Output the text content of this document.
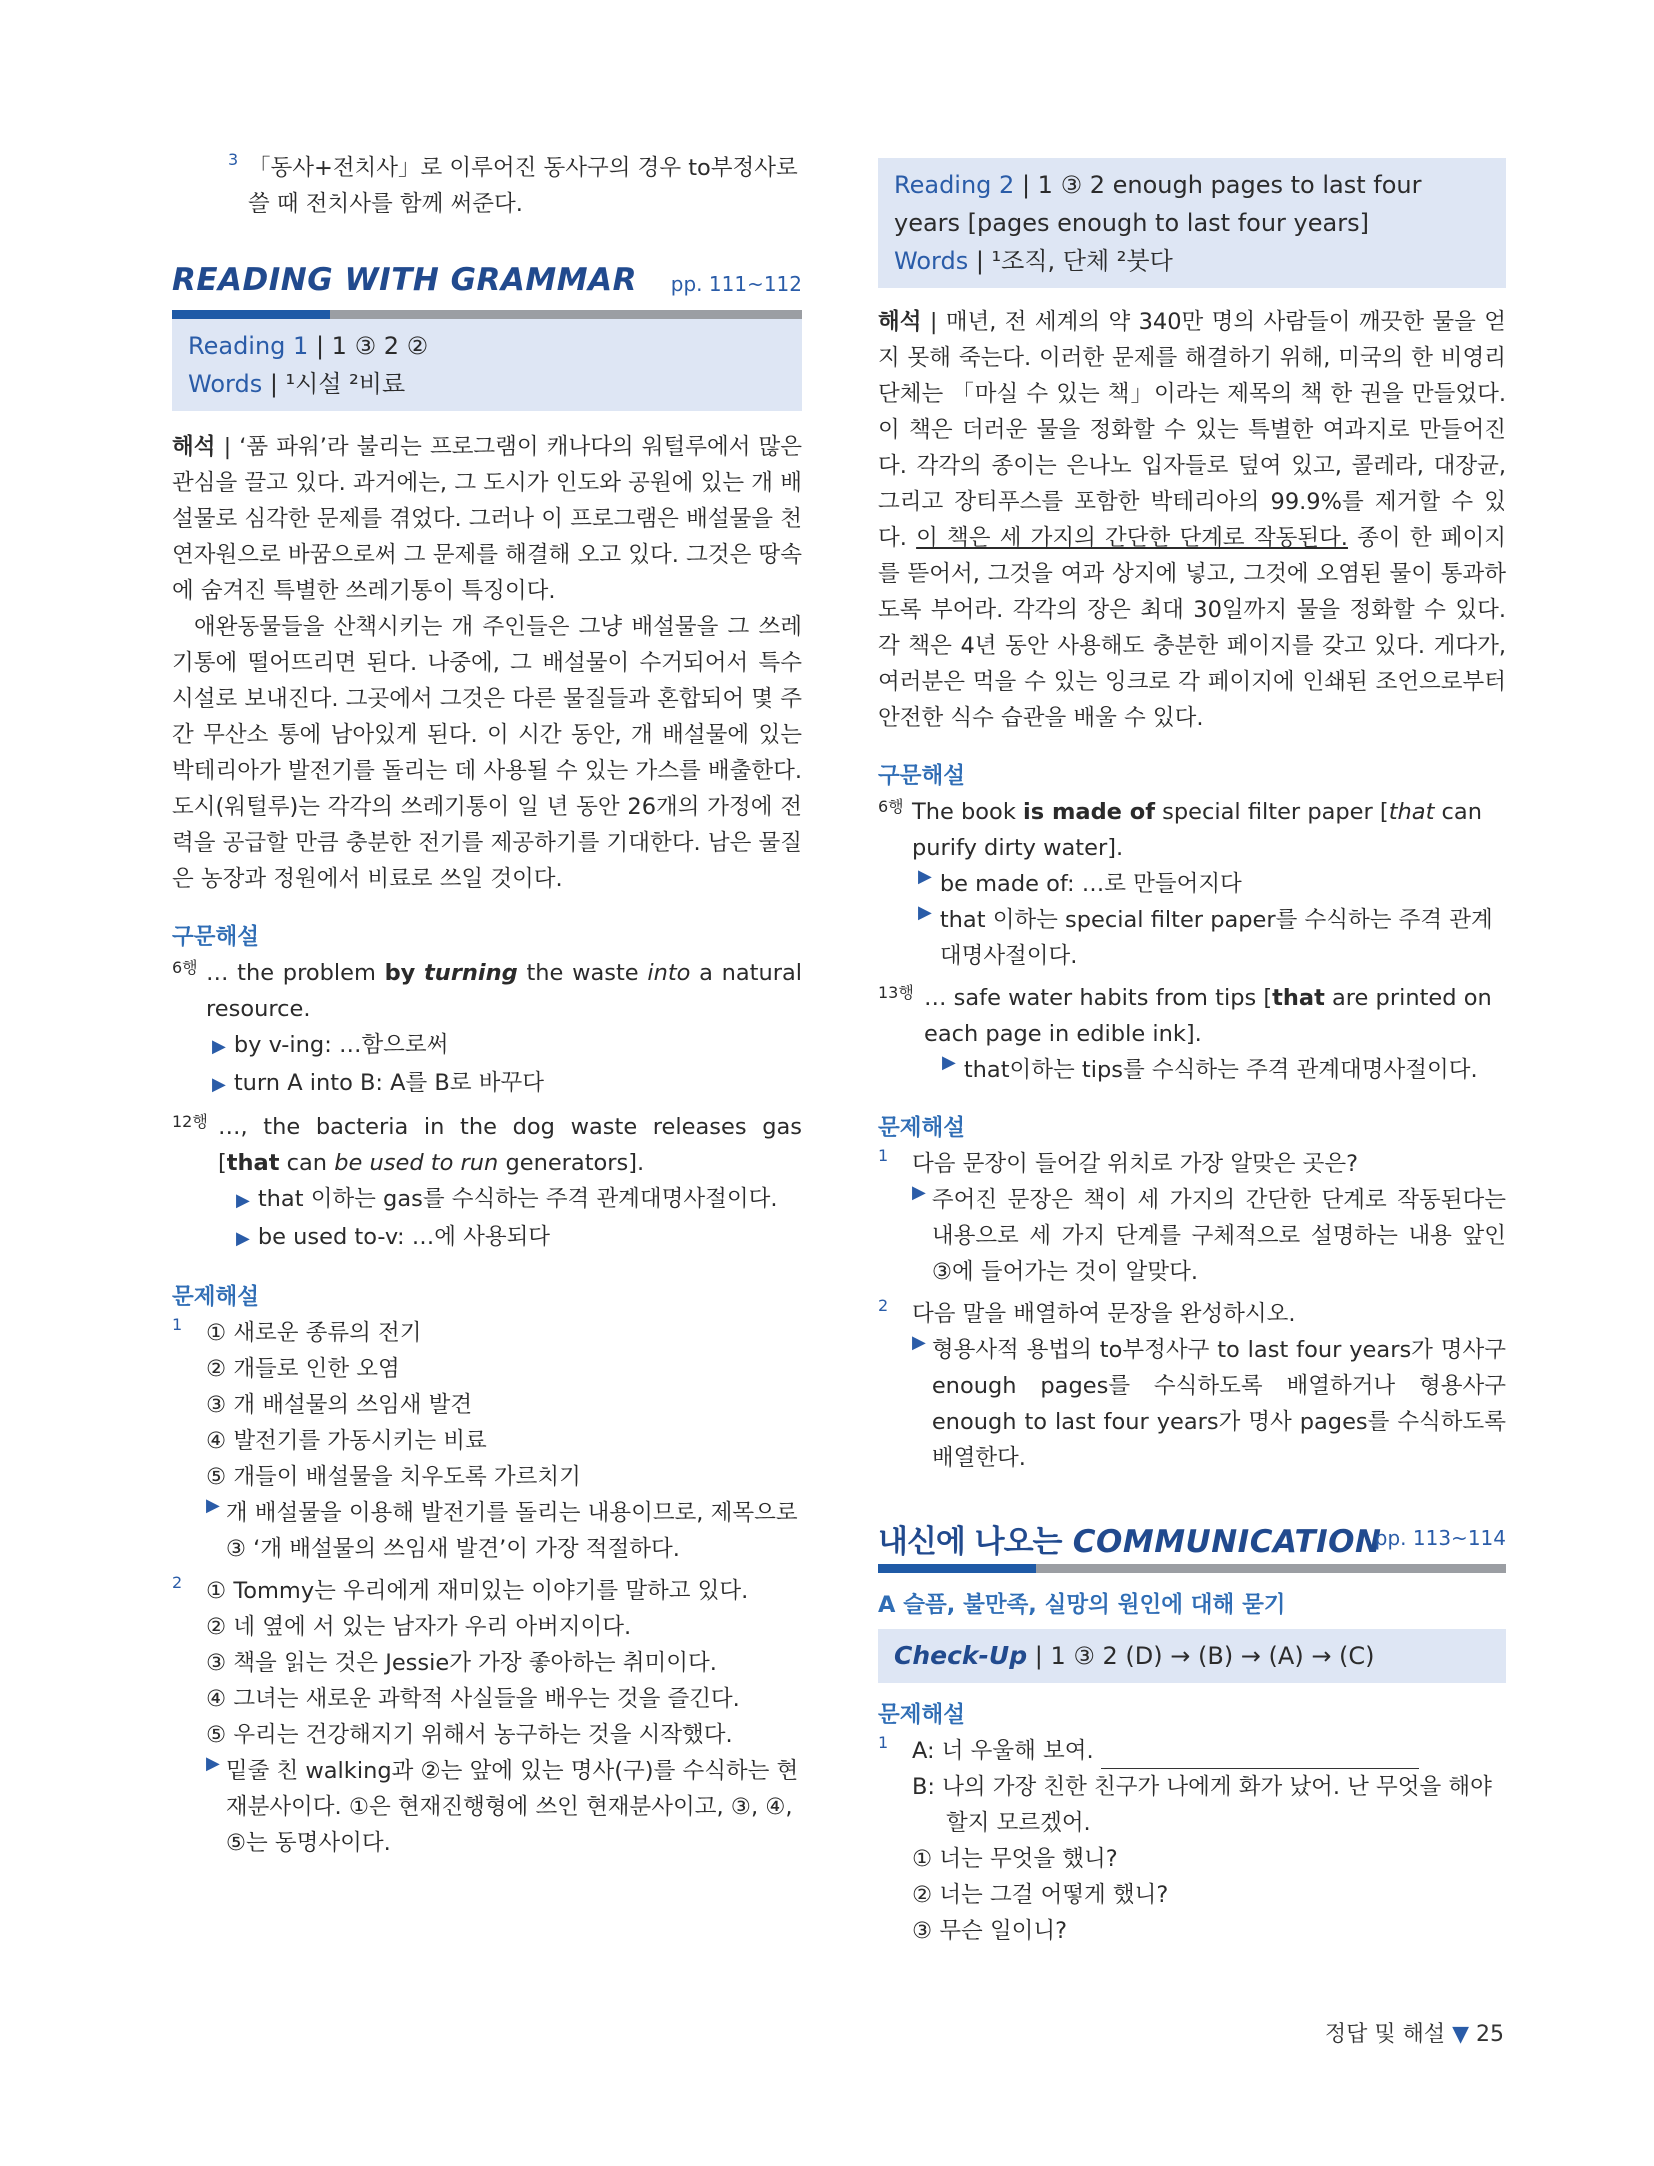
3 「동사+전치사」로 이루어진 동사구의 경우 to부정사로 쓸 때 전치사를 함께 써준다.

READING WITH GRAMMAR pp. 111~112

Reading 1 | 1 ③ 2 ②

Words | ¹시설 ²비료

해석 | ‘품 파워’라 불리는 프로그램이 캐나다의 워털루에서 많은 관심을 끌고 있다. 과거에는, 그 도시가 인도와 공원에 있는 개 배설물로 심각한 문제를 겪었다. 그러나 이 프로그램은 배설물을 천연자원으로 바꿈으로써 그 문제를 해결해 오고 있다. 그것은 땅속에 숨겨진 특별한 쓰레기통이 특징이다.

애완동물들을 산책시키는 개 주인들은 그냥 배설물을 그 쓰레기통에 떨어뜨리면 된다. 나중에, 그 배설물이 수거되어서 특수 시설로 보내진다. 그곳에서 그것은 다른 물질들과 혼합되어 몇 주간 무산소 통에 남아있게 된다. 이 시간 동안, 개 배설물에 있는 박테리아가 발전기를 돌리는 데 사용될 수 있는 가스를 배출한다. 도시(워털루)는 각각의 쓰레기통이 일 년 동안 26개의 가정에 전력을 공급할 만큼 충분한 전기를 제공하기를 기대한다. 남은 물질은 농장과 정원에서 비료로 쓰일 것이다.

구문해설

6행 … the problem by turning the waste into a natural resource.

▶ by v-ing: …함으로써

▶ turn A into B: A를 B로 바꾸다

12행 …, the bacteria in the dog waste releases gas [that can be used to run generators].

▶ that 이하는 gas를 수식하는 주격 관계대명사절이다.

▶ be used to-v: …에 사용되다

문제해설

1	① 새로운 종류의 전기

② 개들로 인한 오염

③ 개 배설물의 쓰임새 발견

④ 발전기를 가동시키는 비료

⑤ 개들이 배설물을 치우도록 가르치기

▶ 개 배설물을 이용해 발전기를 돌리는 내용이므로, 제목으로 ③ ‘개 배설물의 쓰임새 발견’이 가장 적절하다.

2	① Tommy는 우리에게 재미있는 이야기를 말하고 있다.

② 네 옆에 서 있는 남자가 우리 아버지이다.

③ 책을 읽는 것은 Jessie가 가장 좋아하는 취미이다.

④ 그녀는 새로운 과학적 사실들을 배우는 것을 즐긴다.

⑤ 우리는 건강해지기 위해서 농구하는 것을 시작했다.

▶ 밑줄 친 walking과 ②는 앞에 있는 명사(구)를 수식하는 현재분사이다. ①은 현재진행형에 쓰인 현재분사이고, ③, ④, ⑤는 동명사이다.

Reading 2 | 1 ③ 2 enough pages to last four years [pages enough to last four years]

Words | ¹조직, 단체 ²붓다

해석 | 매년, 전 세계의 약 340만 명의 사람들이 깨끗한 물을 얻지 못해 죽는다. 이러한 문제를 해결하기 위해, 미국의 한 비영리 단체는 「마실 수 있는 책」이라는 제목의 책 한 권을 만들었다. 이 책은 더러운 물을 정화할 수 있는 특별한 여과지로 만들어진다. 각각의 종이는 은나노 입자들로 덮여 있고, 콜레라, 대장균, 그리고 장티푸스를 포함한 박테리아의 99.9%를 제거할 수 있다. 이 책은 세 가지의 간단한 단계로 작동된다. 종이 한 페이지를 뜯어서, 그것을 여과 상지에 넣고, 그것에 오염된 물이 통과하도록 부어라. 각각의 장은 최대 30일까지 물을 정화할 수 있다. 각 책은 4년 동안 사용해도 충분한 페이지를 갖고 있다. 게다가, 여러분은 먹을 수 있는 잉크로 각 페이지에 인쇄된 조언으로부터 안전한 식수 습관을 배울 수 있다.

구문해설

6행 The book is made of special filter paper [that can purify dirty water].

▶ be made of: …로 만들어지다

▶ that 이하는 special filter paper를 수식하는 주격 관계대명사절이다.

13행 … safe water habits from tips [that are printed on each page in edible ink].

▶ that이하는 tips를 수식하는 주격 관계대명사절이다.

문제해설

1	다음 문장이 들어갈 위치로 가장 알맞은 곳은?

▶ 주어진 문장은 책이 세 가지의 간단한 단계로 작동된다는 내용으로 세 가지 단계를 구체적으로 설명하는 내용 앞인 ③에 들어가는 것이 알맞다.

2	다음 말을 배열하여 문장을 완성하시오.

▶ 형용사적 용법의 to부정사구 to last four years가 명사구 enough pages를 수식하도록 배열하거나 형용사구 enough to last four years가 명사 pages를 수식하도록 배열한다.

내신에 나오는 COMMUNICATION
pp. 113~114

A 슬픔, 불만족, 실망의 원인에 대해 묻기

Check-Up | 1 ③ 2 (D) → (B) → (A) → (C)

문제해설

1	A: 너 우울해 보여.

B: 나의 가장 친한 친구가 나에게 화가 났어. 난 무엇을 해야 할지 모르겠어.

① 너는 무엇을 했니?

② 너는 그걸 어떻게 했니?

③ 무슨 일이니?

정답 및 해설 ▼ 25
